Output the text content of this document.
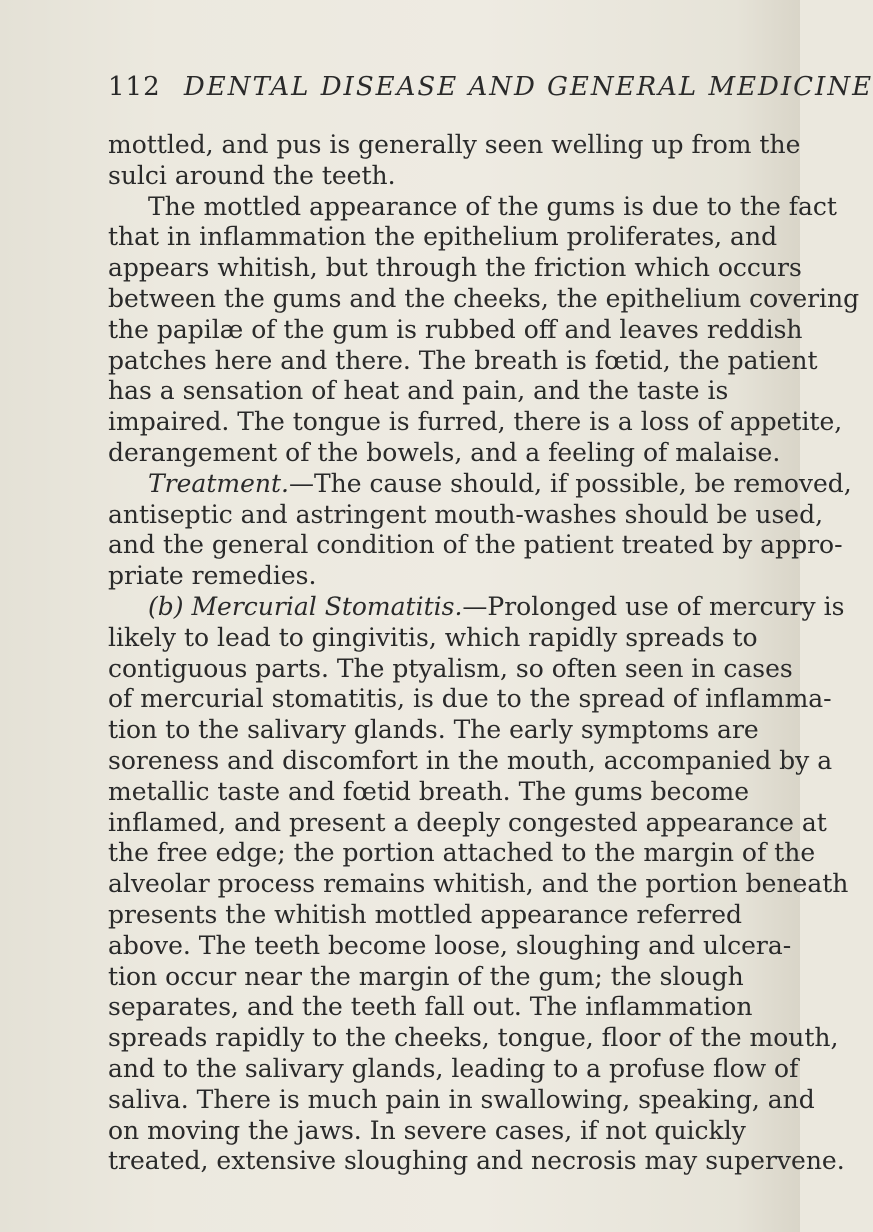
112 DENTAL DISEASE AND GENERAL MEDICINE
mottled, and pus is generally seen welling up from the
sulci around the teeth.
The mottled appearance of the gums is due to the fact
that in inflammation the epithelium proliferates, and
appears whitish, but through the friction which occurs
between the gums and the cheeks, the epithelium covering
the papilæ of the gum is rubbed off and leaves reddish
patches here and there. The breath is fœtid, the patient
has a sensation of heat and pain, and the taste is
impaired. The tongue is furred, there is a loss of appetite,
derangement of the bowels, and a feeling of malaise.
Treatment.—The cause should, if possible, be removed,
antiseptic and astringent mouth-washes should be used,
and the general condition of the patient treated by appro-
priate remedies.
(b) Mercurial Stomatitis.—Prolonged use of mercury is
likely to lead to gingivitis, which rapidly spreads to
contiguous parts. The ptyalism, so often seen in cases
of mercurial stomatitis, is due to the spread of inflamma-
tion to the salivary glands. The early symptoms are
soreness and discomfort in the mouth, accompanied by a
metallic taste and fœtid breath. The gums become
inflamed, and present a deeply congested appearance at
the free edge; the portion attached to the margin of the
alveolar process remains whitish, and the portion beneath
presents the whitish mottled appearance referred
above. The teeth become loose, sloughing and ulcera-
tion occur near the margin of the gum; the slough
separates, and the teeth fall out. The inflammation
spreads rapidly to the cheeks, tongue, floor of the mouth,
and to the salivary glands, leading to a profuse flow of
saliva. There is much pain in swallowing, speaking, and
on moving the jaws. In severe cases, if not quickly
treated, extensive sloughing and necrosis may supervene.
